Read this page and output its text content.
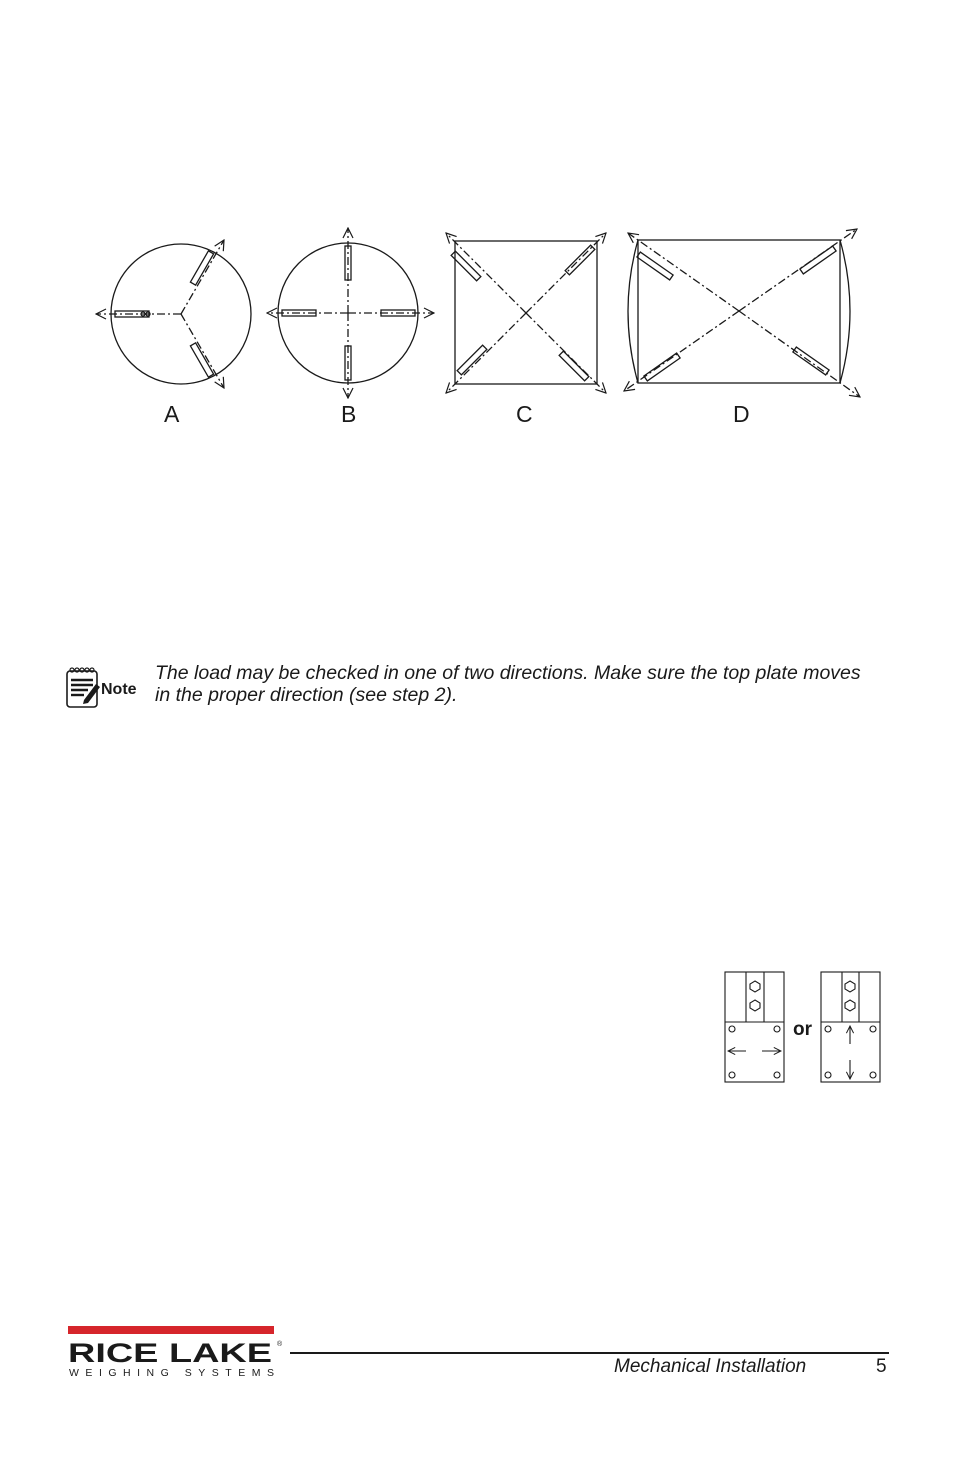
A	B	C	D
Note
The load may be checked in one of two directions. Make sure the top plate moves in the proper direction (see step 2).
or
RICE LAKE ®
WEIGHING SYSTEMS	Mechanical Installation	5
